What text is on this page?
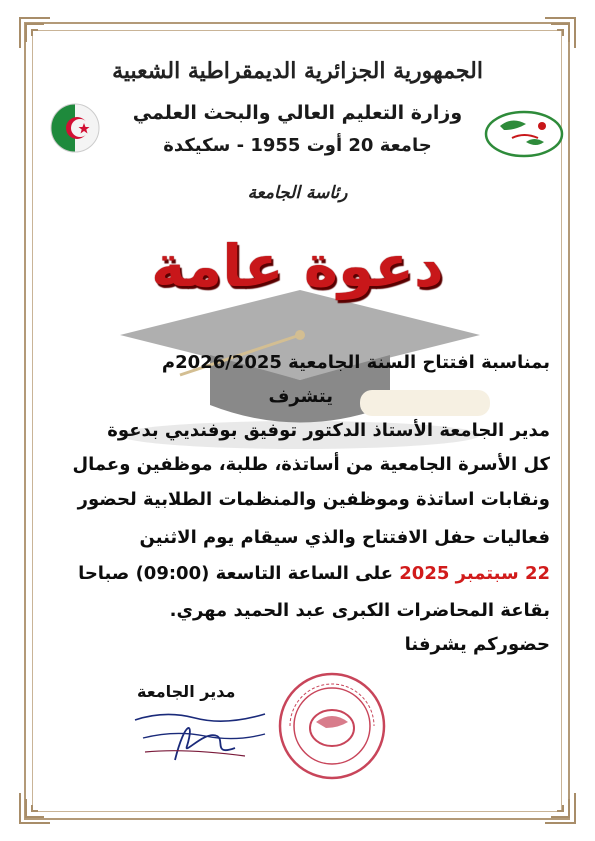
الجمهورية الجزائرية الديمقراطية الشعبية
وزارة التعليم العالي والبحث العلمي
جامعة 20 أوت 1955 - سكيكدة
رئاسة الجامعة
دعوة عامة
بمناسبة افتتاح السنة الجامعية 2026/2025م
يتشرف
مدير الجامعة الأستاذ الدكتور توفيق بوفنديي بدعوة
كل الأسرة الجامعية من أساتذة، طلبة، موظفين وعمال
ونقابات اساتذة وموظفين والمنظمات الطلابية لحضور
فعاليات حفل الافتتاح والذي سيقام يوم الاثنين
22 سبتمبر 2025 على الساعة التاسعة (09:00) صباحا
بقاعة المحاضرات الكبرى عبد الحميد مهري.
حضوركم يشرفنا
مدير الجامعة
